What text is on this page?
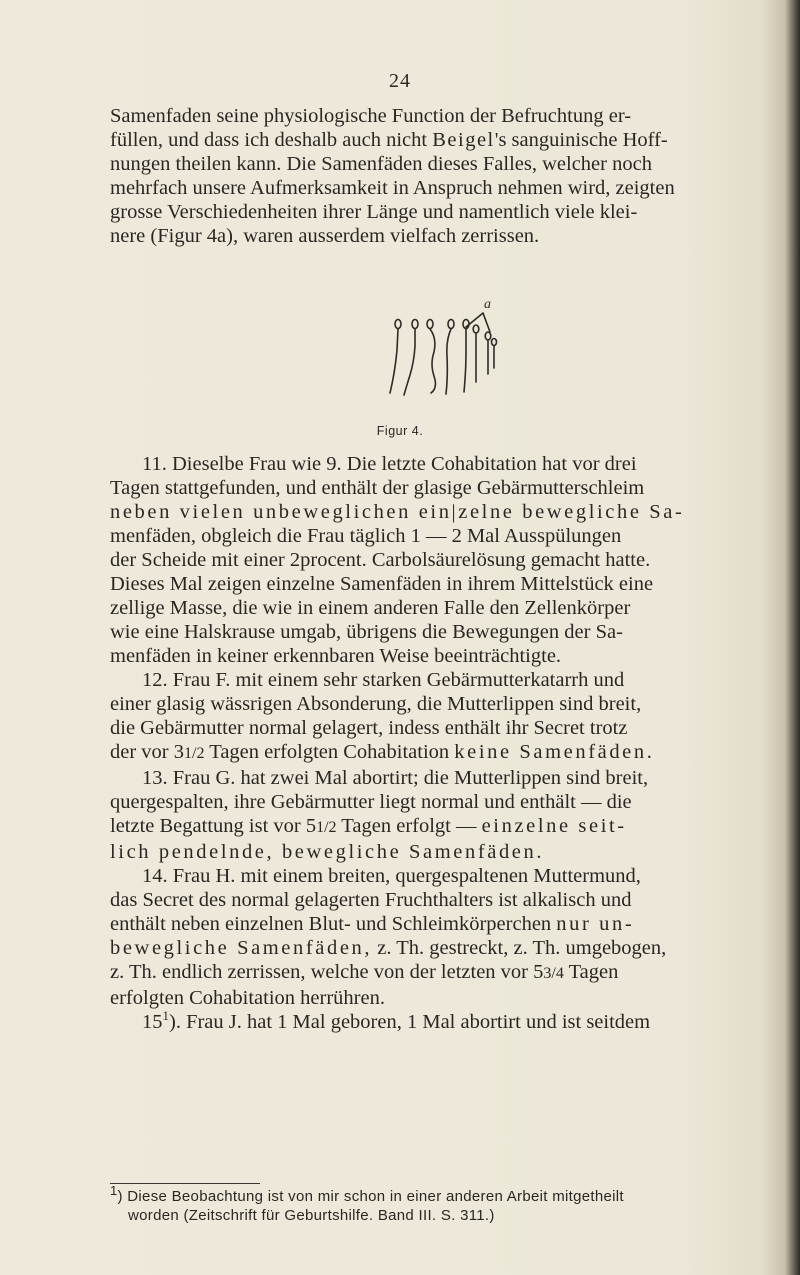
24

Samenfaden seine physiologische Function der Befruchtung er-

füllen, und dass ich deshalb auch nicht Beigel's sanguinische Hoff-

nungen theilen kann. Die Samenfäden dieses Falles, welcher noch

mehrfach unsere Aufmerksamkeit in Anspruch nehmen wird, zeigten

grosse Verschiedenheiten ihrer Länge und namentlich viele klei-

nere (Figur 4a), waren ausserdem vielfach zerrissen.

a
Figur 4.

11. Dieselbe Frau wie 9. Die letzte Cohabitation hat vor drei

Tagen stattgefunden, und enthält der glasige Gebärmutterschleim

neben vielen unbeweglichen ein|zelne bewegliche Sa-

menfäden, obgleich die Frau täglich 1 — 2 Mal Ausspülungen

der Scheide mit einer 2procent. Carbolsäurelösung gemacht hatte.

Dieses Mal zeigen einzelne Samenfäden in ihrem Mittelstück eine

zellige Masse, die wie in einem anderen Falle den Zellenkörper

wie eine Halskrause umgab, übrigens die Bewegungen der Sa-

menfäden in keiner erkennbaren Weise beeinträchtigte.

12. Frau F. mit einem sehr starken Gebärmutterkatarrh und

einer glasig wässrigen Absonderung, die Mutterlippen sind breit,

die Gebärmutter normal gelagert, indess enthält ihr Secret trotz

der vor 31/2 Tagen erfolgten Cohabitation keine Samenfäden.

13. Frau G. hat zwei Mal abortirt; die Mutterlippen sind breit,

quergespalten, ihre Gebärmutter liegt normal und enthält — die

letzte Begattung ist vor 51/2 Tagen erfolgt — einzelne seit-

lich pendelnde, bewegliche Samenfäden.

14. Frau H. mit einem breiten, quergespaltenen Muttermund,

das Secret des normal gelagerten Fruchthalters ist alkalisch und

enthält neben einzelnen Blut- und Schleimkörperchen nur un-

bewegliche Samenfäden, z. Th. gestreckt, z. Th. umgebogen,

z. Th. endlich zerrissen, welche von der letzten vor 53/4 Tagen

erfolgten Cohabitation herrühren.

$15^1$). Frau J. hat 1 Mal geboren, 1 Mal abortirt und ist seitdem

1) Diese Beobachtung ist von mir schon in einer anderen Arbeit mitgetheilt

worden (Zeitschrift für Geburtshilfe. Band III. S. 311.)
